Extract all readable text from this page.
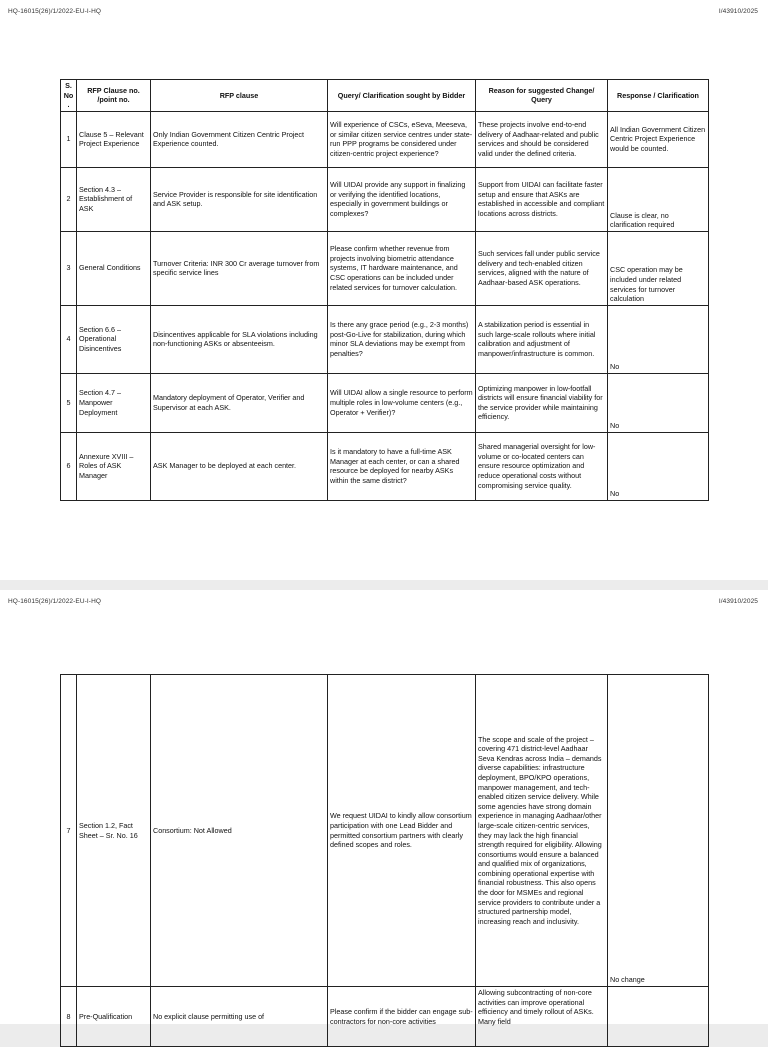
HQ-16015(26)/1/2022-EU-I-HQ	I/43910/2025
S. No.	RFP Clause no. /point no.	RFP clause	Query/ Clarification sought by Bidder	Reason for suggested Change/ Query	Response / Clarification
1	Clause 5 – Relevant Project Experience	Only Indian Government Citizen Centric Project Experience counted.	Will experience of CSCs, eSeva, Meeseva, or similar citizen service centres under state-run PPP programs be considered under citizen-centric project experience?	These projects involve end-to-end delivery of Aadhaar-related and public services and should be considered valid under the defined criteria.	All Indian Government Citizen Centric Project Experience would be counted.
2	Section 4.3 – Establishment of ASK	Service Provider is responsible for site identification and ASK setup.	Will UIDAI provide any support in finalizing or verifying the identified locations, especially in government buildings or complexes?	Support from UIDAI can facilitate faster setup and ensure that ASKs are established in accessible and compliant locations across districts.	Clause is clear, no clarification required
3	General Conditions	Turnover Criteria: INR 300 Cr average turnover from specific service lines	Please confirm whether revenue from projects involving biometric attendance systems, IT hardware maintenance, and CSC operations can be included under related services for turnover calculation.	Such services fall under public service delivery and tech-enabled citizen services, aligned with the nature of Aadhaar-based ASK operations.	CSC operation may be included under related services for turnover calculation
4	Section 6.6 – Operational Disincentives	Disincentives applicable for SLA violations including non-functioning ASKs or absenteeism.	Is there any grace period (e.g., 2-3 months) post-Go-Live for stabilization, during which minor SLA deviations may be exempt from penalties?	A stabilization period is essential in such large-scale rollouts where initial calibration and adjustment of manpower/infrastructure is common.	No
5	Section 4.7 – Manpower Deployment	Mandatory deployment of Operator, Verifier and Supervisor at each ASK.	Will UIDAI allow a single resource to perform multiple roles in low-volume centers (e.g., Operator + Verifier)?	Optimizing manpower in low-footfall districts will ensure financial viability for the service provider while maintaining efficiency.	No
6	Annexure XVIII – Roles of ASK Manager	ASK Manager to be deployed at each center.	Is it mandatory to have a full-time ASK Manager at each center, or can a shared resource be deployed for nearby ASKs within the same district?	Shared managerial oversight for low-volume or co-located centers can ensure resource optimization and reduce operational costs without compromising service quality.	No
HQ-16015(26)/1/2022-EU-I-HQ	I/43910/2025
7	Section 1.2, Fact Sheet – Sr. No. 16	Consortium: Not Allowed	We request UIDAI to kindly allow consortium participation with one Lead Bidder and permitted consortium partners with clearly defined scopes and roles.	The scope and scale of the project – covering 471 district-level Aadhaar Seva Kendras across India – demands diverse capabilities: infrastructure deployment, BPO/KPO operations, manpower management, and tech-enabled citizen service delivery. While some agencies have strong domain experience in managing Aadhaar/other large-scale citizen-centric services, they may lack the high financial strength required for eligibility. Allowing consortiums would ensure a balanced and qualified mix of organizations, combining operational expertise with financial robustness. This also opens the door for MSMEs and regional service providers to contribute under a structured partnership model, increasing reach and inclusivity.	No change
8	Pre-Qualification	No explicit clause permitting use of	Please confirm if the bidder can engage sub-contractors for non-core activities	Allowing subcontracting of non-core activities can improve operational efficiency and timely rollout of ASKs. Many field	
